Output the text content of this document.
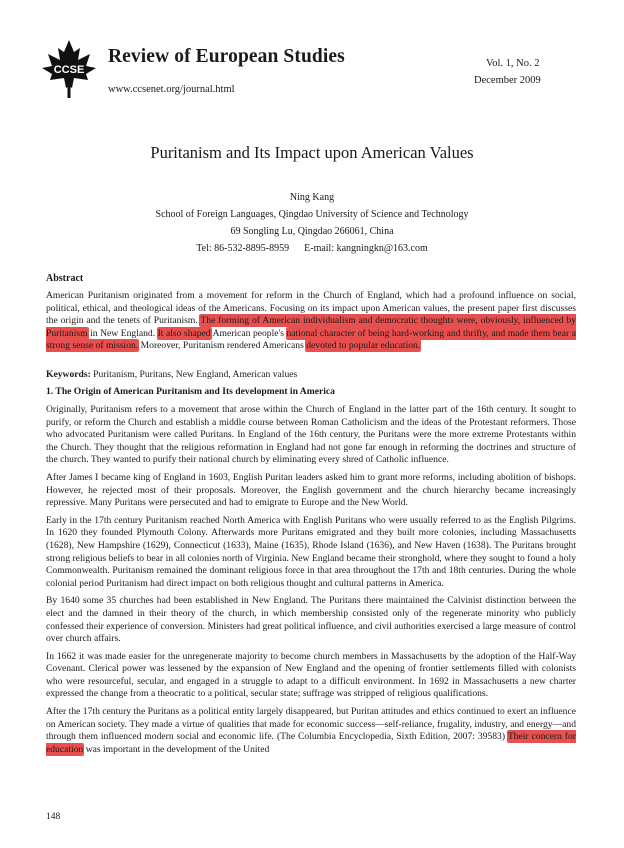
CCSE
Review of European Studies
www.ccsenet.org/journal.html
Vol. 1, No. 2
December 2009
Puritanism and Its Impact upon American Values
Ning Kang
School of Foreign Languages, Qingdao University of Science and Technology
69 Songling Lu, Qingdao 266061, China
Tel: 86-532-8895-8959 E-mail: kangningkn@163.com
Abstract
American Puritanism originated from a movement for reform in the Church of England, which had a profound influence on social, political, ethical, and theological ideas of the Americans. Focusing on its impact upon American values, the present paper first discusses the origin and the tenets of Puritanism. The forming of American individualism and democratic thoughts were, obviously, influenced by Puritanism in New England. It also shaped American people's national character of being hard-working and thrifty, and made them bear a strong sense of mission. Moreover, Puritanism rendered Americans devoted to popular education.
Keywords: Puritanism, Puritans, New England, American values
1. The Origin of American Puritanism and Its development in America

Originally, Puritanism refers to a movement that arose within the Church of England in the latter part of the 16th century. It sought to purify, or reform the Church and establish a middle course between Roman Catholicism and the ideas of the Protestant reformers. Those who advocated Puritanism were called Puritans. In England of the 16th century, the Puritans were the more extreme Protestants within the Church. They thought that the religious reformation in England had not gone far enough in reforming the doctrines and structure of the church. They wanted to purify their national church by eliminating every shred of Catholic influence.

After James I became king of England in 1603, English Puritan leaders asked him to grant more reforms, including abolition of bishops. However, he rejected most of their proposals. Moreover, the English government and the church hierarchy became increasingly repressive. Many Puritans were persecuted and had to emigrate to Europe and the New World.

Early in the 17th century Puritanism reached North America with English Puritans who were usually referred to as the English Pilgrims. In 1620 they founded Plymouth Colony. Afterwards more Puritans emigrated and they built more colonies, including Massachusetts (1628), New Hampshire (1629), Connecticut (1633), Maine (1635), Rhode Island (1636), and New Haven (1638). The Puritans brought strong religious beliefs to bear in all colonies north of Virginia. New England became their stronghold, where they sought to found a holy Commonwealth. Puritanism remained the dominant religious force in that area throughout the 17th and 18th centuries. During the whole colonial period Puritanism had direct impact on both religious thought and cultural patterns in America.

By 1640 some 35 churches had been established in New England. The Puritans there maintained the Calvinist distinction between the elect and the damned in their theory of the church, in which membership consisted only of the regenerate minority who publicly confessed their experience of conversion. Ministers had great political influence, and civil authorities exercised a large measure of control over church affairs.

In 1662 it was made easier for the unregenerate majority to become church members in Massachusetts by the adoption of the Half-Way Covenant. Clerical power was lessened by the expansion of New England and the opening of frontier settlements filled with colonists who were resourceful, secular, and engaged in a struggle to adapt to a difficult environment. In 1692 in Massachusetts a new charter expressed the change from a theocratic to a political, secular state; suffrage was stripped of religious qualifications.

After the 17th century the Puritans as a political entity largely disappeared, but Puritan attitudes and ethics continued to exert an influence on American society. They made a virtue of qualities that made for economic success—self-reliance, frugality, industry, and energy—and through them influenced modern social and economic life. (The Columbia Encyclopedia, Sixth Edition, 2007: 39583) Their concern for education was important in the development of the United

148
